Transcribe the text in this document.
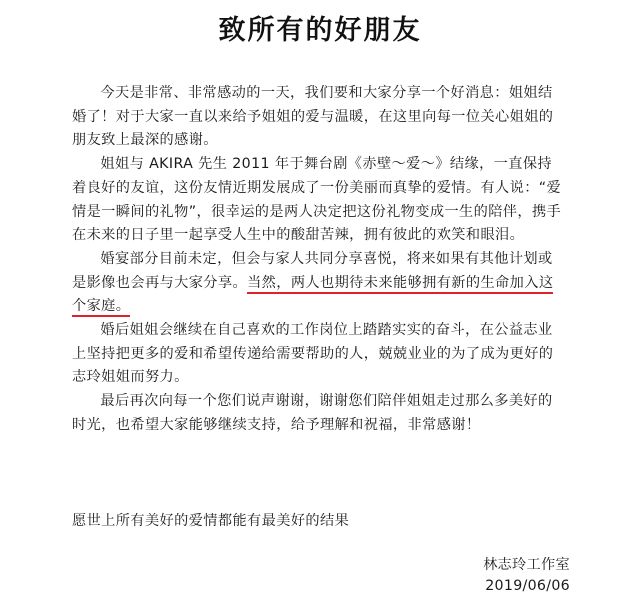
致所有的好朋友

今天是非常、非常感动的一天，我们要和大家分享一个好消息：姐姐结婚了！对于大家一直以来给予姐姐的爱与温暖，在这里向每一位关心姐姐的朋友致上最深的感谢。

姐姐与 AKIRA 先生 2011 年于舞台剧《赤壁～爱～》结缘，一直保持着良好的友谊，这份友情近期发展成了一份美丽而真挚的爱情。有人说：“爱情是一瞬间的礼物”，很幸运的是两人决定把这份礼物变成一生的陪伴，携手在未来的日子里一起享受人生中的酸甜苦辣，拥有彼此的欢笑和眼泪。

婚宴部分目前未定，但会与家人共同分享喜悦，将来如果有其他计划或是影像也会再与大家分享。当然，两人也期待未来能够拥有新的生命加入这个家庭。

婚后姐姐会继续在自己喜欢的工作岗位上踏踏实实的奋斗，在公益志业上坚持把更多的爱和希望传递给需要帮助的人，兢兢业业的为了成为更好的志玲姐姐而努力。

最后再次向每一个您们说声谢谢，谢谢您们陪伴姐姐走过那么多美好的时光，也希望大家能够继续支持，给予理解和祝福，非常感谢！

愿世上所有美好的爱情都能有最美好的结果
林志玲工作室
2019/06/06
